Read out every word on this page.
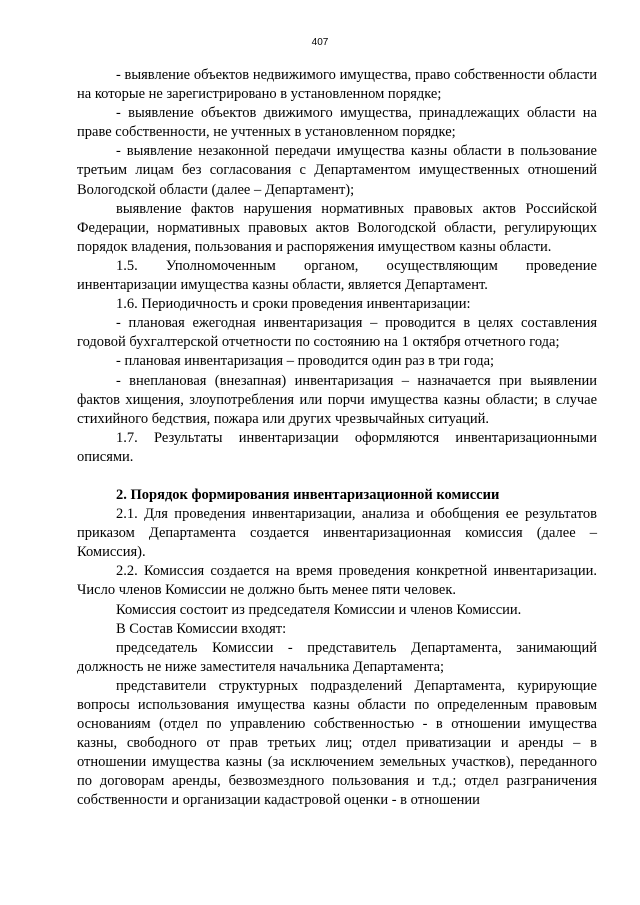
407

- выявление объектов недвижимого имущества, право собственности области на которые не зарегистрировано в установленном порядке;

- выявление объектов движимого имущества, принадлежащих области на праве собственности, не учтенных в установленном порядке;

- выявление незаконной передачи имущества казны области в пользование третьим лицам без согласования с Департаментом имущественных отношений Вологодской области (далее – Департамент);

выявление фактов нарушения нормативных правовых актов Российской Федерации, нормативных правовых актов Вологодской области, регулирующих порядок владения, пользования и распоряжения имуществом казны области.

1.5. Уполномоченным органом, осуществляющим проведение инвентаризации имущества казны области, является Департамент.

1.6. Периодичность и сроки проведения инвентаризации:

- плановая ежегодная инвентаризация – проводится в целях составления годовой бухгалтерской отчетности по состоянию на 1 октября отчетного года;

- плановая инвентаризация – проводится один раз в три года;

- внеплановая (внезапная) инвентаризация – назначается при выявлении фактов хищения, злоупотребления или порчи имущества казны области; в случае стихийного бедствия, пожара или других чрезвычайных ситуаций.

1.7. Результаты инвентаризации оформляются инвентаризационными описями.

2. Порядок формирования инвентаризационной комиссии

2.1. Для проведения инвентаризации, анализа и обобщения ее результатов приказом Департамента создается инвентаризационная комиссия (далее – Комиссия).

2.2. Комиссия создается на время проведения конкретной инвентаризации. Число членов Комиссии не должно быть менее пяти человек.

Комиссия состоит из председателя Комиссии и членов Комиссии.

В Состав Комиссии входят:

председатель Комиссии - представитель Департамента, занимающий должность не ниже заместителя начальника Департамента;

представители структурных подразделений Департамента, курирующие вопросы использования имущества казны области по определенным правовым основаниям (отдел по управлению собственностью - в отношении имущества казны, свободного от прав третьих лиц; отдел приватизации и аренды – в отношении имущества казны (за исключением земельных участков), переданного по договорам аренды, безвозмездного пользования и т.д.; отдел разграничения собственности и организации кадастровой оценки - в отношении
